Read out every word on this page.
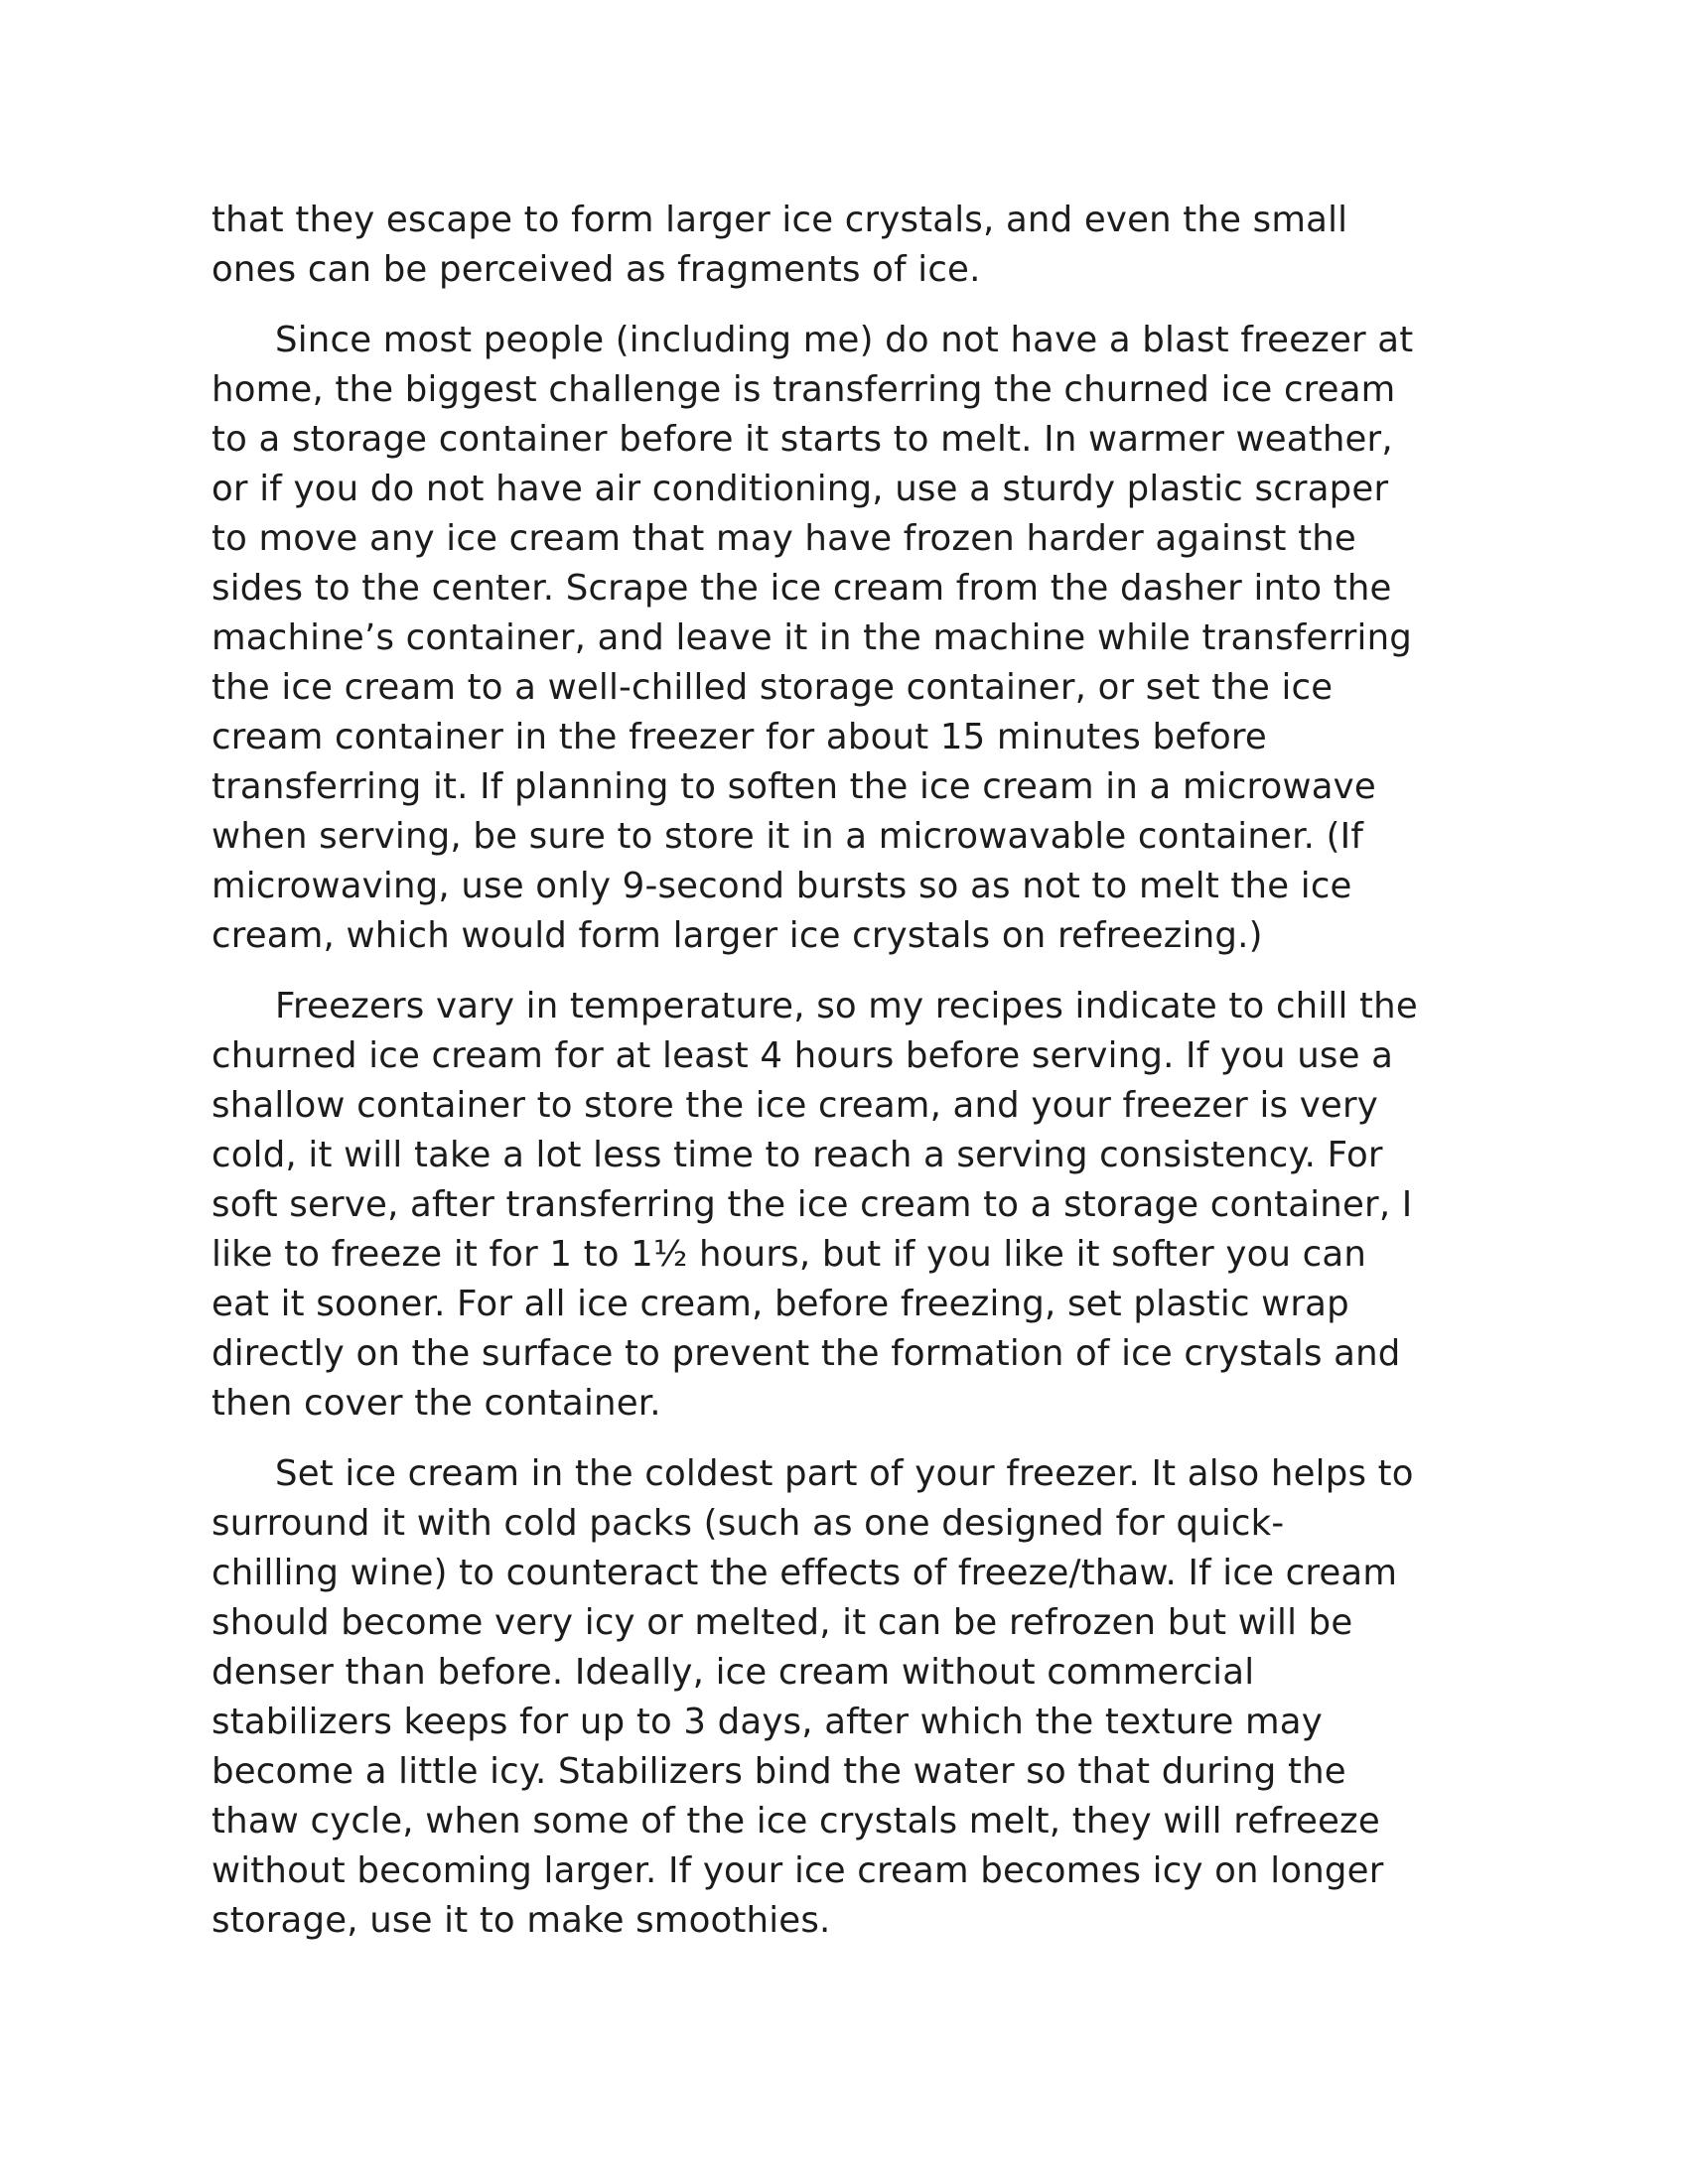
that they escape to form larger ice crystals, and even the small
ones can be perceived as fragments of ice.

Since most people (including me) do not have a blast freezer at
home, the biggest challenge is transferring the churned ice cream
to a storage container before it starts to melt. In warmer weather,
or if you do not have air conditioning, use a sturdy plastic scraper
to move any ice cream that may have frozen harder against the
sides to the center. Scrape the ice cream from the dasher into the
machine’s container, and leave it in the machine while transferring
the ice cream to a well-chilled storage container, or set the ice
cream container in the freezer for about 15 minutes before
transferring it. If planning to soften the ice cream in a microwave
when serving, be sure to store it in a microwavable container. (If
microwaving, use only 9-second bursts so as not to melt the ice
cream, which would form larger ice crystals on refreezing.)

Freezers vary in temperature, so my recipes indicate to chill the
churned ice cream for at least 4 hours before serving. If you use a
shallow container to store the ice cream, and your freezer is very
cold, it will take a lot less time to reach a serving consistency. For
soft serve, after transferring the ice cream to a storage container, I
like to freeze it for 1 to 1½ hours, but if you like it softer you can
eat it sooner. For all ice cream, before freezing, set plastic wrap
directly on the surface to prevent the formation of ice crystals and
then cover the container.

Set ice cream in the coldest part of your freezer. It also helps to
surround it with cold packs (such as one designed for quick-
chilling wine) to counteract the effects of freeze/thaw. If ice cream
should become very icy or melted, it can be refrozen but will be
denser than before. Ideally, ice cream without commercial
stabilizers keeps for up to 3 days, after which the texture may
become a little icy. Stabilizers bind the water so that during the
thaw cycle, when some of the ice crystals melt, they will refreeze
without becoming larger. If your ice cream becomes icy on longer
storage, use it to make smoothies.
